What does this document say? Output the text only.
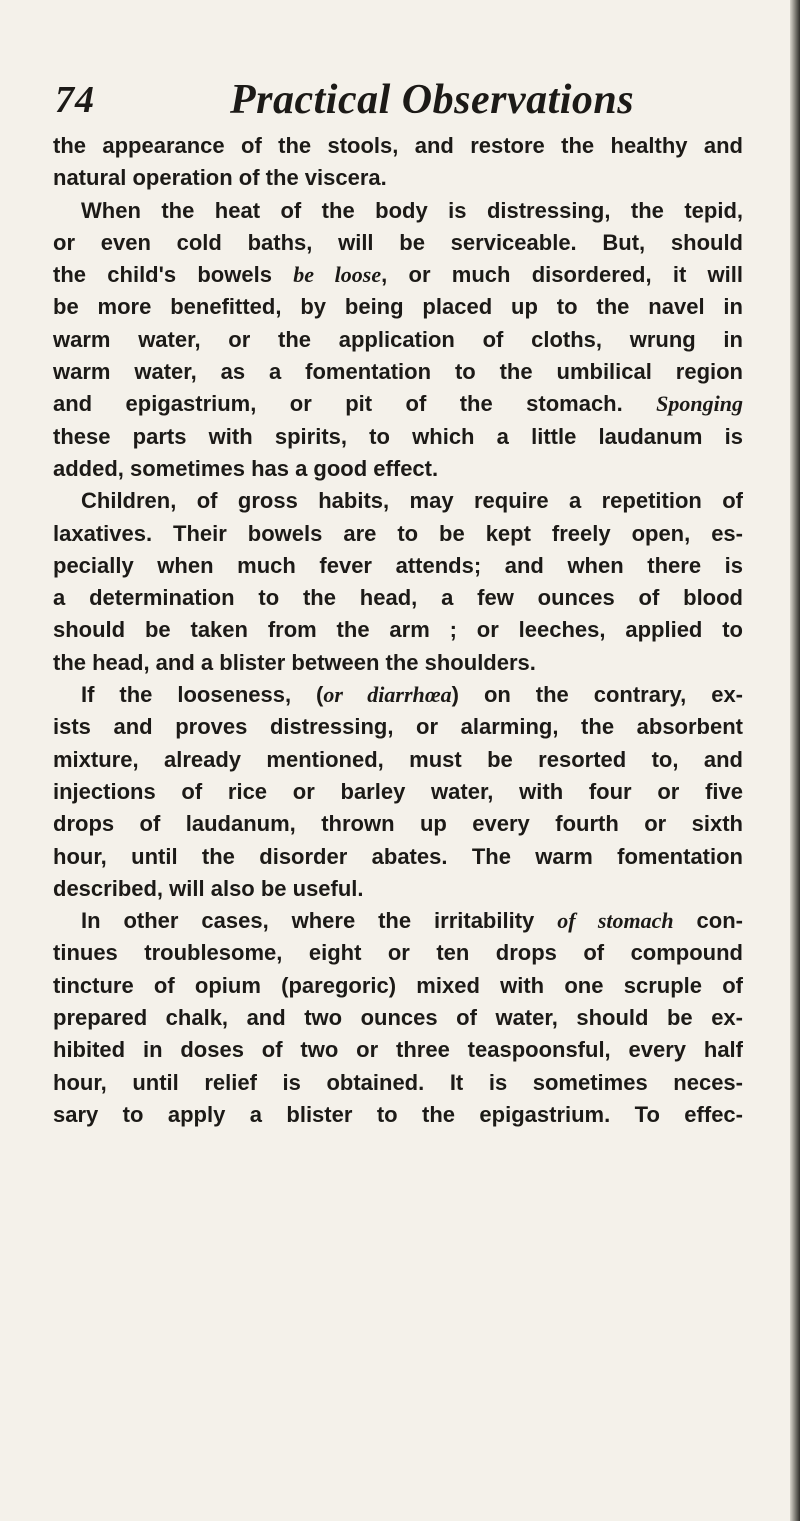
74	Practical Observations
the appearance of the stools, and restore the healthy and
natural operation of the viscera.
When the heat of the body is distressing, the tepid,
or even cold baths, will be serviceable. But, should
the child's bowels be loose, or much disordered, it will
be more benefitted, by being placed up to the navel in
warm water, or the application of cloths, wrung in
warm water, as a fomentation to the umbilical region
and epigastrium, or pit of the stomach. Sponging
these parts with spirits, to which a little laudanum is
added, sometimes has a good effect.
Children, of gross habits, may require a repetition of
laxatives. Their bowels are to be kept freely open, es-
pecially when much fever attends; and when there is
a determination to the head, a few ounces of blood
should be taken from the arm ; or leeches, applied to
the head, and a blister between the shoulders.
If the looseness, (or diarrhœa) on the contrary, ex-
ists and proves distressing, or alarming, the absorbent
mixture, already mentioned, must be resorted to, and
injections of rice or barley water, with four or five
drops of laudanum, thrown up every fourth or sixth
hour, until the disorder abates. The warm fomentation
described, will also be useful.
In other cases, where the irritability of stomach con-
tinues troublesome, eight or ten drops of compound
tincture of opium (paregoric) mixed with one scruple of
prepared chalk, and two ounces of water, should be ex-
hibited in doses of two or three teaspoonsful, every half
hour, until relief is obtained. It is sometimes neces-
sary to apply a blister to the epigastrium. To effec-
